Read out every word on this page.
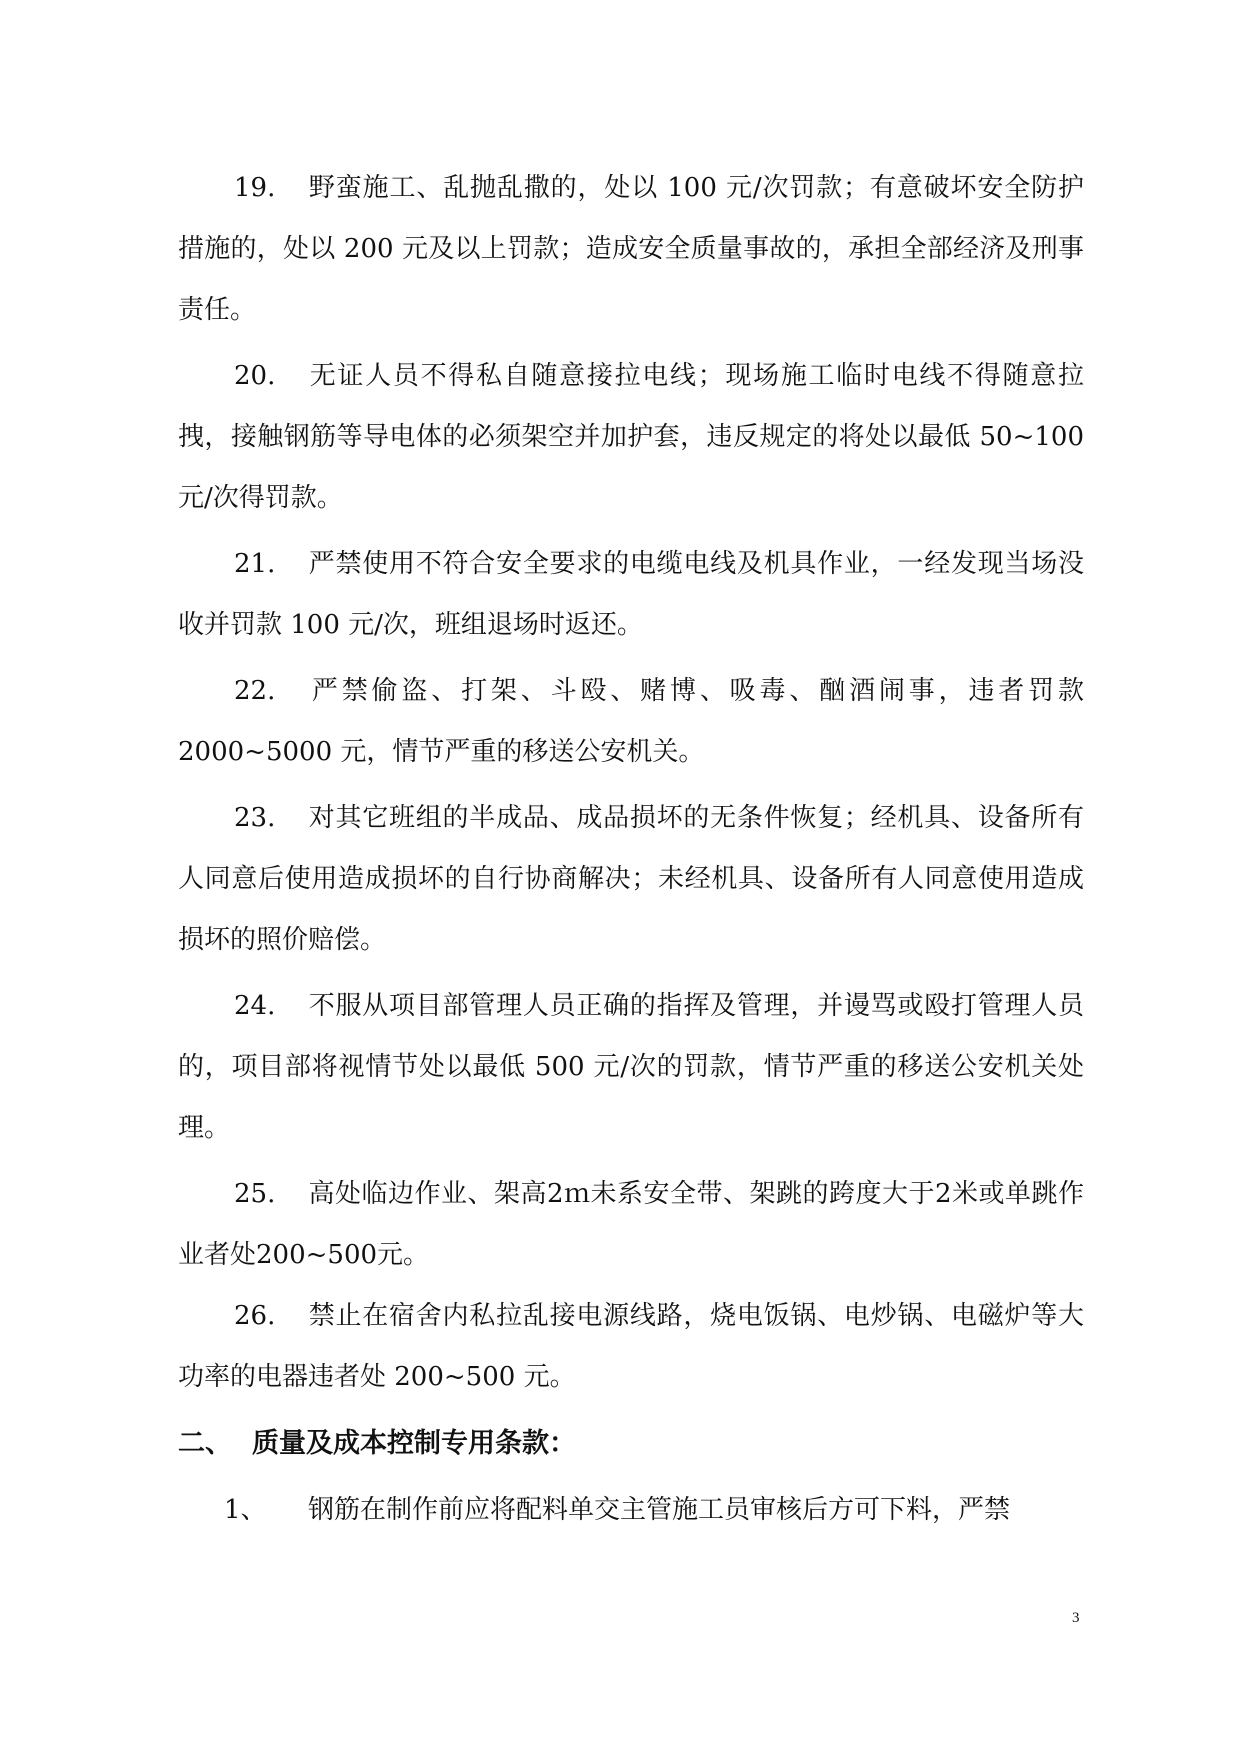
19. 野蛮施工、乱抛乱撒的，处以 100 元/次罚款；有意破坏安全防护措施的，处以 200 元及以上罚款；造成安全质量事故的，承担全部经济及刑事责任。

20. 无证人员不得私自随意接拉电线；现场施工临时电线不得随意拉拽，接触钢筋等导电体的必须架空并加护套，违反规定的将处以最低 50~100 元/次得罚款。

21. 严禁使用不符合安全要求的电缆电线及机具作业，一经发现当场没收并罚款 100 元/次，班组退场时返还。

22. 严禁偷盗、打架、斗殴、赌博、吸毒、酗酒闹事，违者罚款 2000~5000 元，情节严重的移送公安机关。

23. 对其它班组的半成品、成品损坏的无条件恢复；经机具、设备所有人同意后使用造成损坏的自行协商解决；未经机具、设备所有人同意使用造成损坏的照价赔偿。

24. 不服从项目部管理人员正确的指挥及管理，并谩骂或殴打管理人员的，项目部将视情节处以最低 500 元/次的罚款，情节严重的移送公安机关处理。

25. 高处临边作业、架高2ｍ未系安全带、架跳的跨度大于2米或单跳作业者处200~500元。

26. 禁止在宿舍内私拉乱接电源线路，烧电饭锅、电炒锅、电磁炉等大功率的电器违者处 200~500 元。

二、 质量及成本控制专用条款：
1、 钢筋在制作前应将配料单交主管施工员审核后方可下料，严禁
3
